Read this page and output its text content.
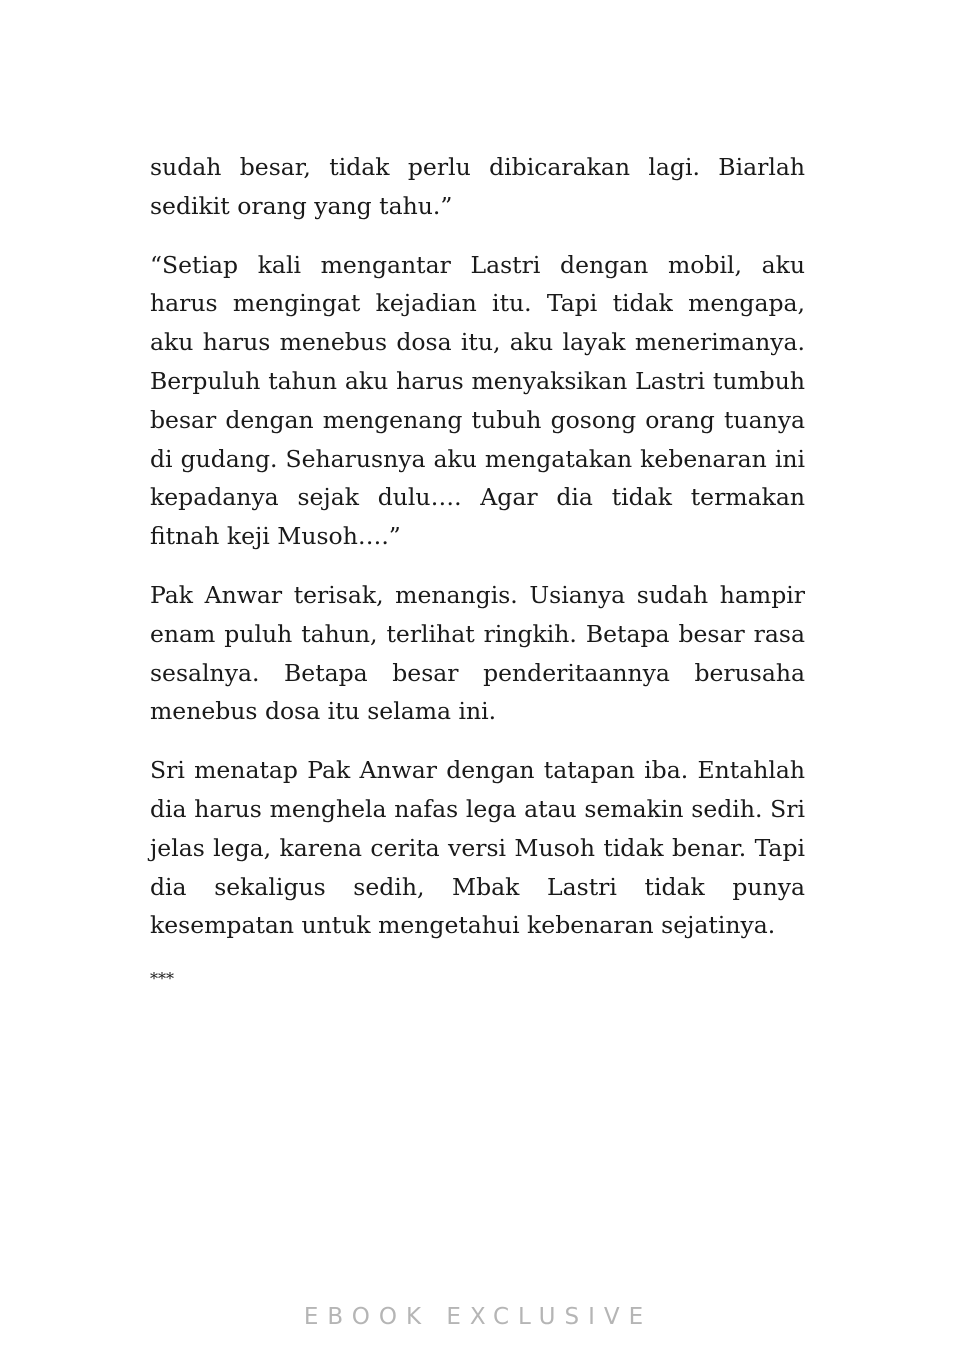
sudah besar, tidak perlu dibicarakan lagi. Biarlah sedikit orang yang tahu.”

“Setiap kali mengantar Lastri dengan mobil, aku harus mengingat kejadian itu. Tapi tidak mengapa, aku harus menebus dosa itu, aku layak menerimanya. Berpuluh tahun aku harus menyaksikan Lastri tumbuh besar dengan mengenang tubuh gosong orang tuanya di gudang. Seharusnya aku mengatakan kebenaran ini kepadanya sejak dulu…. Agar dia tidak termakan fitnah keji Musoh….”

Pak Anwar terisak, menangis. Usianya sudah hampir enam puluh tahun, terlihat ringkih. Betapa besar rasa sesalnya. Betapa besar penderitaannya berusaha menebus dosa itu selama ini.

Sri menatap Pak Anwar dengan tatapan iba. Entahlah dia harus menghela nafas lega atau semakin sedih. Sri jelas lega, karena cerita versi Musoh tidak benar. Tapi dia sekaligus sedih, Mbak Lastri tidak punya kesempatan untuk mengetahui kebenaran sejatinya.

***

EBOOK EXCLUSIVE
